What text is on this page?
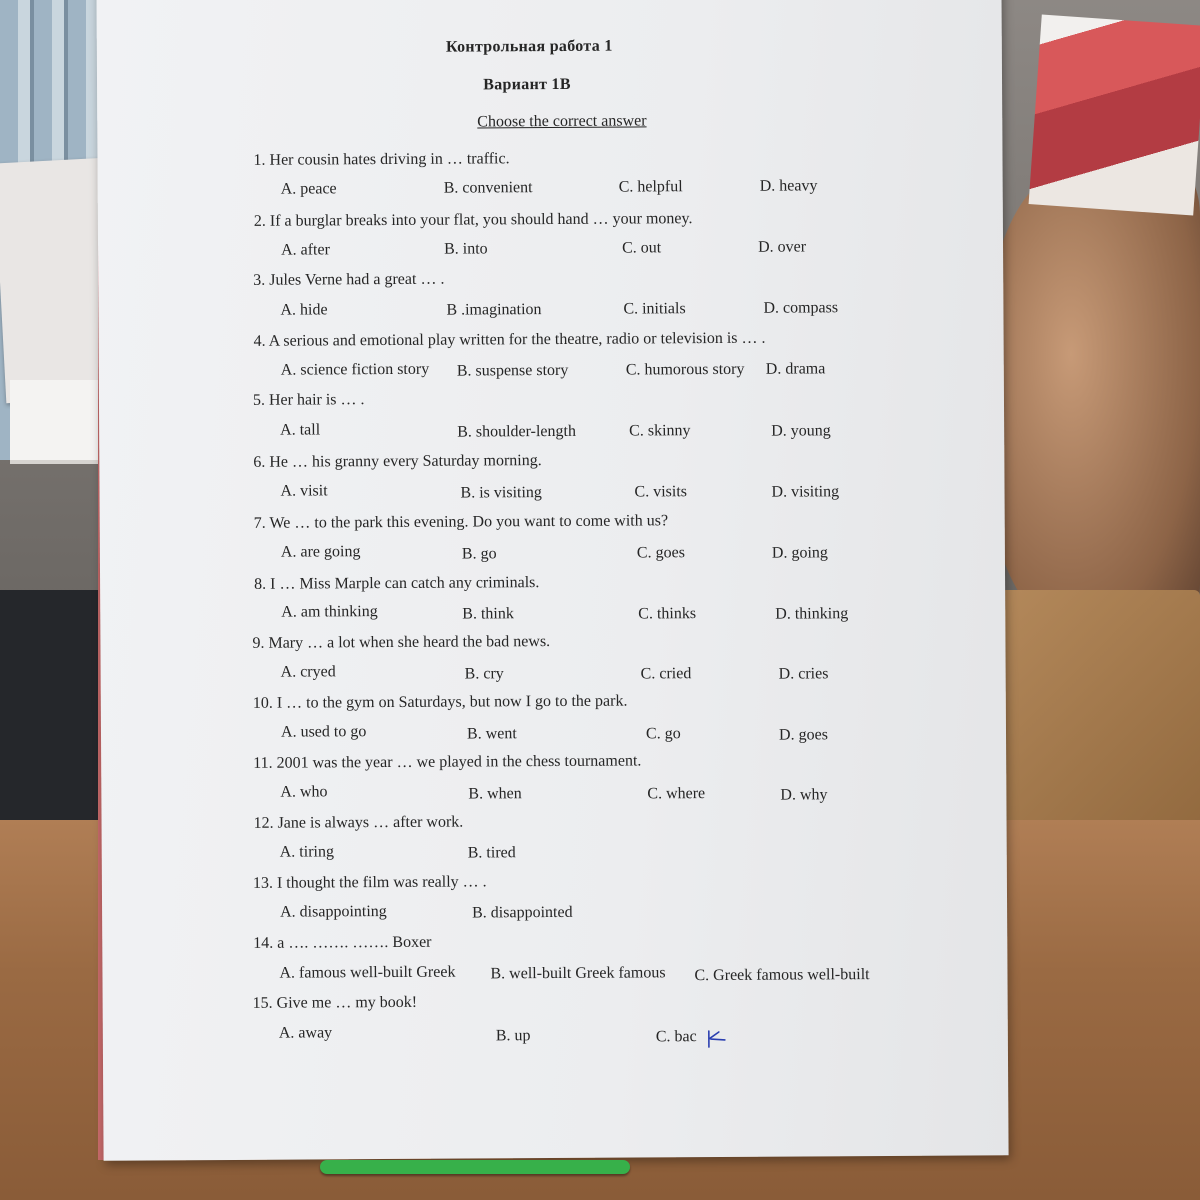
Контрольная работа 1
Вариант 1В
Choose the correct answer
1. Her cousin hates driving in … traffic.
A. peace	B. convenient	C. helpful	D. heavy
2. If a burglar breaks into your flat, you should hand … your money.
A. after	B. into	C. out	D. over
3. Jules Verne had a great … .
A. hide	B .imagination	C. initials	D. compass
4. A serious and emotional play written for the theatre, radio or television is … .
A. science fiction story B. suspense story	C. humorous story D. drama
5. Her hair is … .
A. tall	B. shoulder-length	C. skinny	D. young
6. He … his granny every Saturday morning.
A. visit	B. is visiting	C. visits	D. visiting
7. We … to the park this evening. Do you want to come with us?
A. are going	B. go	C. goes	D. going
8. I … Miss Marple can catch any criminals.
A. am thinking	B. think	C. thinks	D. thinking
9. Mary … a lot when she heard the bad news.
A. cryed	B. cry	C. cried	D. cries
10. I … to the gym on Saturdays, but now I go to the park.
A. used to go	B. went	C. go	D. goes
11. 2001 was the year … we played in the chess tournament.
A. who	B. when	C. where	D. why
12. Jane is always … after work.
A. tiring	B. tired
13. I thought the film was really … .
A. disappointing	B. disappointed
14. a …. ……. ……. Boxer
A. famous well-built Greek B. well-built Greek famous C. Greek famous well-built
15. Give me … my book!
A. away	B. up	C. bac
